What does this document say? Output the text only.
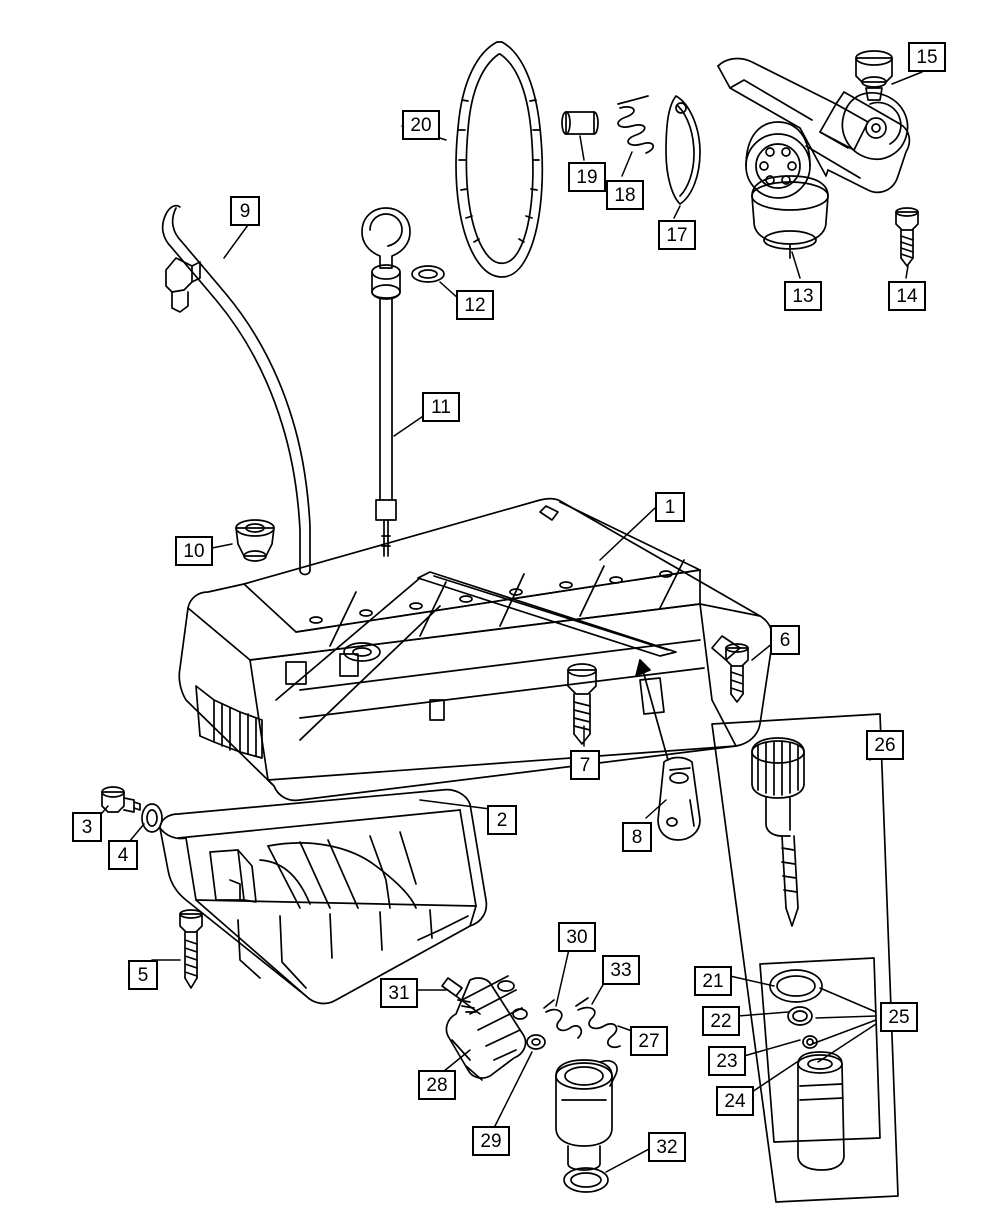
1
2
3
4
5
6
7
8
9
10
11
12	13	14
15
17
18
19
20
21
22
23
24
25
26
27
28
29
30
31
32
33
